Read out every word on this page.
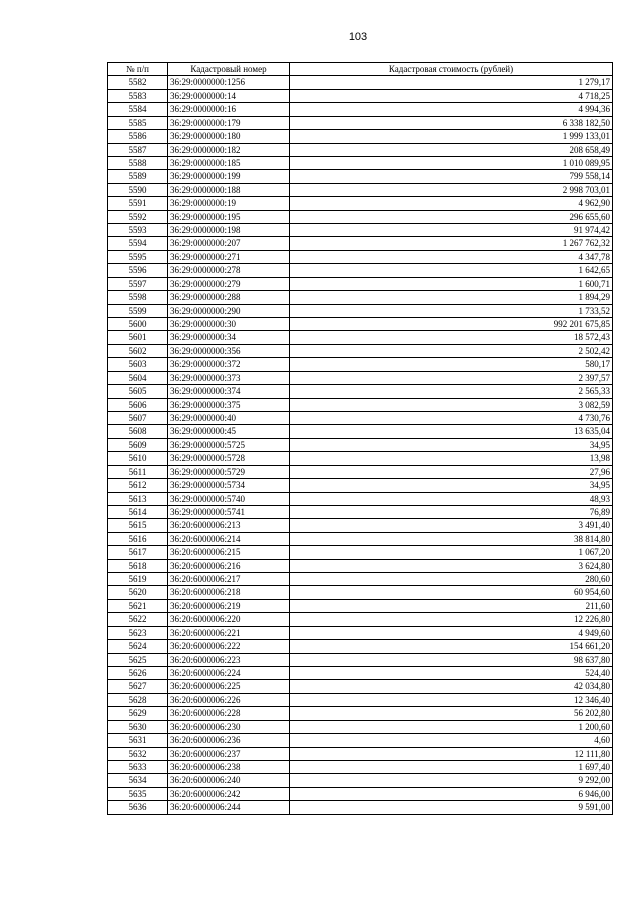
103
№ п/п	Кадастровый номер	Кадастровая стоимость (рублей)
5582	36:29:0000000:1256	1 279,17
5583	36:29:0000000:14	4 718,25
5584	36:29:0000000:16	4 994,36
5585	36:29:0000000:179	6 338 182,50
5586	36:29:0000000:180	1 999 133,01
5587	36:29:0000000:182	208 658,49
5588	36:29:0000000:185	1 010 089,95
5589	36:29:0000000:199	799 558,14
5590	36:29:0000000:188	2 998 703,01
5591	36:29:0000000:19	4 962,90
5592	36:29:0000000:195	296 655,60
5593	36:29:0000000:198	91 974,42
5594	36:29:0000000:207	1 267 762,32
5595	36:29:0000000:271	4 347,78
5596	36:29:0000000:278	1 642,65
5597	36:29:0000000:279	1 600,71
5598	36:29:0000000:288	1 894,29
5599	36:29:0000000:290	1 733,52
5600	36:29:0000000:30	992 201 675,85
5601	36:29:0000000:34	18 572,43
5602	36:29:0000000:356	2 502,42
5603	36:29:0000000:372	580,17
5604	36:29:0000000:373	2 397,57
5605	36:29:0000000:374	2 565,33
5606	36:29:0000000:375	3 082,59
5607	36:29:0000000:40	4 730,76
5608	36:29:0000000:45	13 635,04
5609	36:29:0000000:5725	34,95
5610	36:29:0000000:5728	13,98
5611	36:29:0000000:5729	27,96
5612	36:29:0000000:5734	34,95
5613	36:29:0000000:5740	48,93
5614	36:29:0000000:5741	76,89
5615	36:20:6000006:213	3 491,40
5616	36:20:6000006:214	38 814,80
5617	36:20:6000006:215	1 067,20
5618	36:20:6000006:216	3 624,80
5619	36:20:6000006:217	280,60
5620	36:20:6000006:218	60 954,60
5621	36:20:6000006:219	211,60
5622	36:20:6000006:220	12 226,80
5623	36:20:6000006:221	4 949,60
5624	36:20:6000006:222	154 661,20
5625	36:20:6000006:223	98 637,80
5626	36:20:6000006:224	524,40
5627	36:20:6000006:225	42 034,80
5628	36:20:6000006:226	12 346,40
5629	36:20:6000006:228	56 202,80
5630	36:20:6000006:230	1 200,60
5631	36:20:6000006:236	4,60
5632	36:20:6000006:237	12 111,80
5633	36:20:6000006:238	1 697,40
5634	36:20:6000006:240	9 292,00
5635	36:20:6000006:242	6 946,00
5636	36:20:6000006:244	9 591,00
